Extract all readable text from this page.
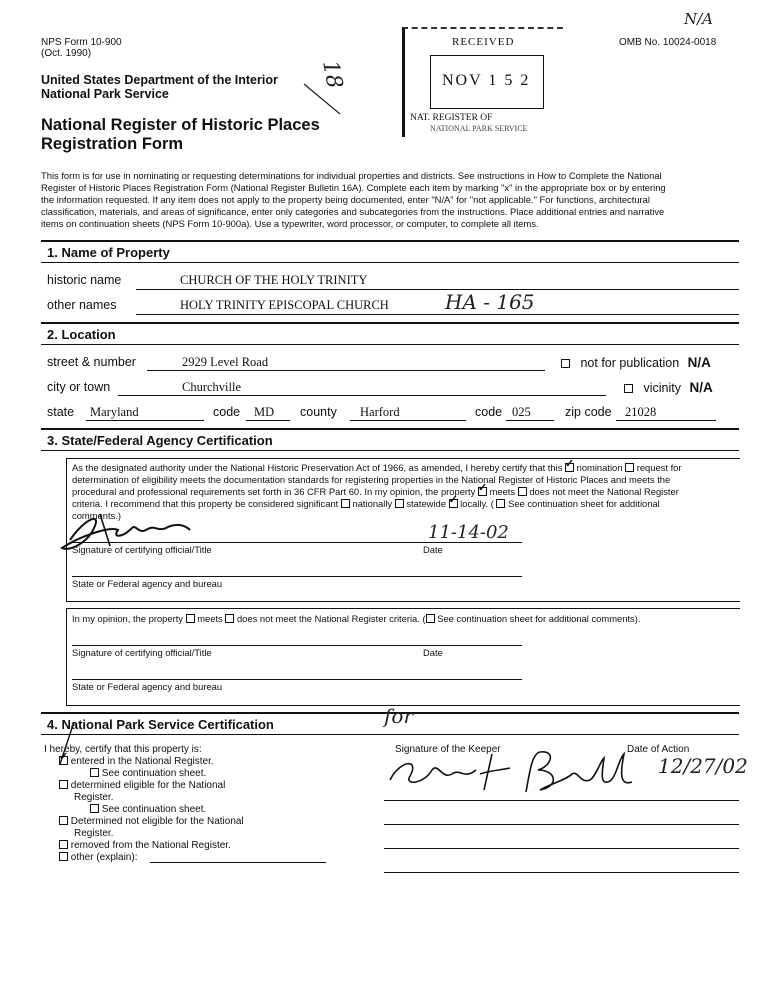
NPS Form 10-900
(Oct. 1990)
OMB No. 10024-0018
N/A
United States Department of the Interior
National Park Service
National Register of Historic Places
Registration Form
18
RECEIVED
NOV 1 5 2
NAT. REGISTER OF
NATIONAL PARK SERVICE
This form is for use in nominating or requesting determinations for individual properties and districts. See instructions in How to Complete the National
Register of Historic Places Registration Form (National Register Bulletin 16A). Complete each item by marking "x" in the appropriate box or by entering
the information requested. If any item does not apply to the property being documented, enter "N/A" for "not applicable." For functions, architectural
classification, materials, and areas of significance, enter only categories and subcategories from the instructions. Place additional entries and narrative
items on continuation sheets (NPS Form 10-900a). Use a typewriter, word processor, or computer, to complete all items.
1. Name of Property
historic name	CHURCH OF THE HOLY TRINITY
other names	HOLY TRINITY EPISCOPAL CHURCH	HA - 165
2. Location
street & number	2929 Level Road	not for publication N/A
city or town	Churchville	vicinity N/A
state Maryland	code MD county Harford	code 025	zip code 21028
3. State/Federal Agency Certification
As the designated authority under the National Historic Preservation Act of 1966, as amended, I hereby certify that this ✓ nomination request for
determination of eligibility meets the documentation standards for registering properties in the National Register of Historic Places and meets the
procedural and professional requirements set forth in 36 CFR Part 60. In my opinion, the property ✓ meets does not meet the National Register
criteria. I recommend that this property be considered significant nationally statewide ✓ locally. ( See continuation sheet for additional
comments.)
11-14-02
Signature of certifying official/Title	Date
State or Federal agency and bureau
In my opinion, the property meets does not meet the National Register criteria. ( See continuation sheet for additional comments).
Signature of certifying official/Title	Date
State or Federal agency and bureau
4. National Park Service Certification
I hereby, certify that this property is:
✓ entered in the National Register.
See continuation sheet.
determined eligible for the National
Register.
See continuation sheet.
Determined not eligible for the National
Register.
removed from the National Register.
other (explain):
Signature of the Keeper	Date of Action
for
12/27/02
